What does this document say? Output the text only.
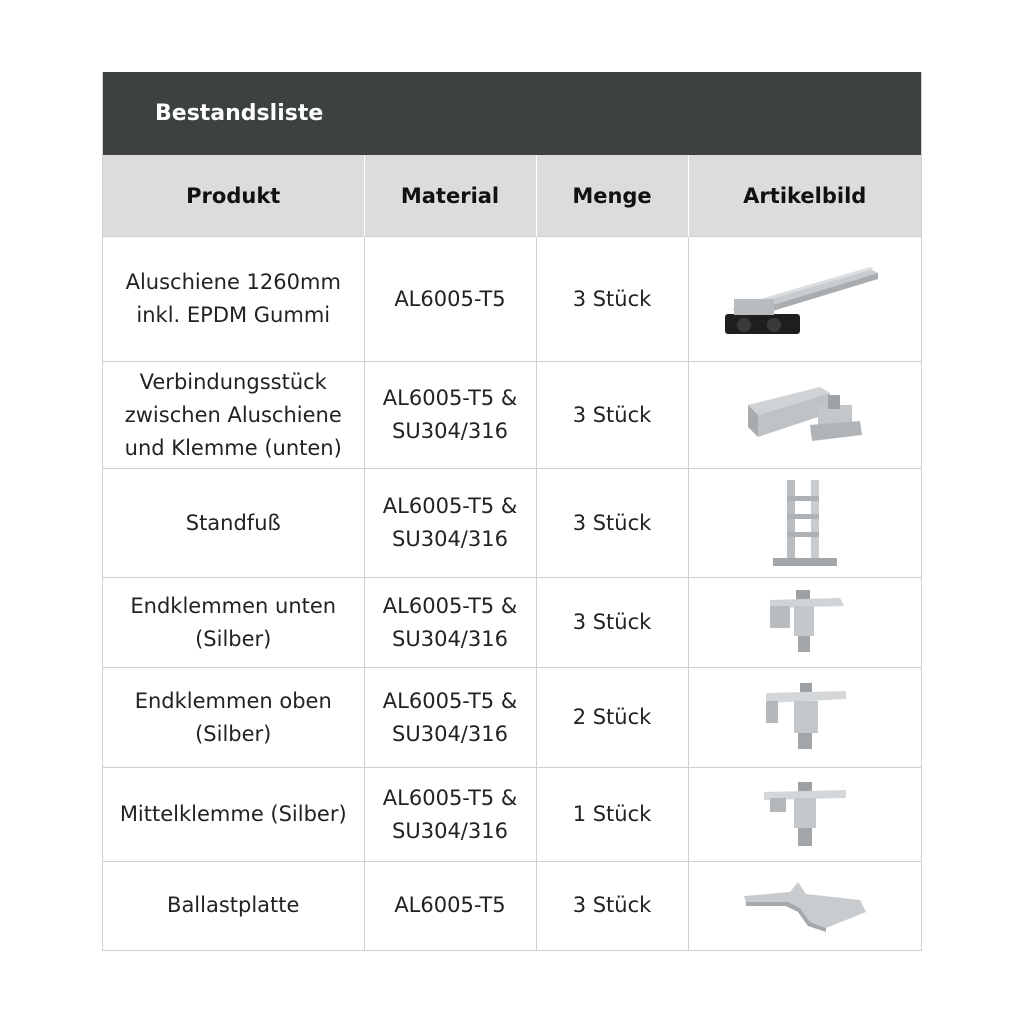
Bestandsliste
Produkt	Material	Menge	Artikelbild
Aluschiene 1260mm inkl. EPDM Gummi	AL6005-T5	3 Stück	

Verbindungsstück zwischen Aluschiene und Klemme (unten)	AL6005-T5 & SU304/316	3 Stück	

Standfuß	AL6005-T5 & SU304/316	3 Stück	

Endklemmen unten (Silber)	AL6005-T5 & SU304/316	3 Stück	

Endklemmen oben (Silber)	AL6005-T5 & SU304/316	2 Stück	

Mittelklemme (Silber)	AL6005-T5 & SU304/316	1 Stück	

Ballastplatte	AL6005-T5	3 Stück	
